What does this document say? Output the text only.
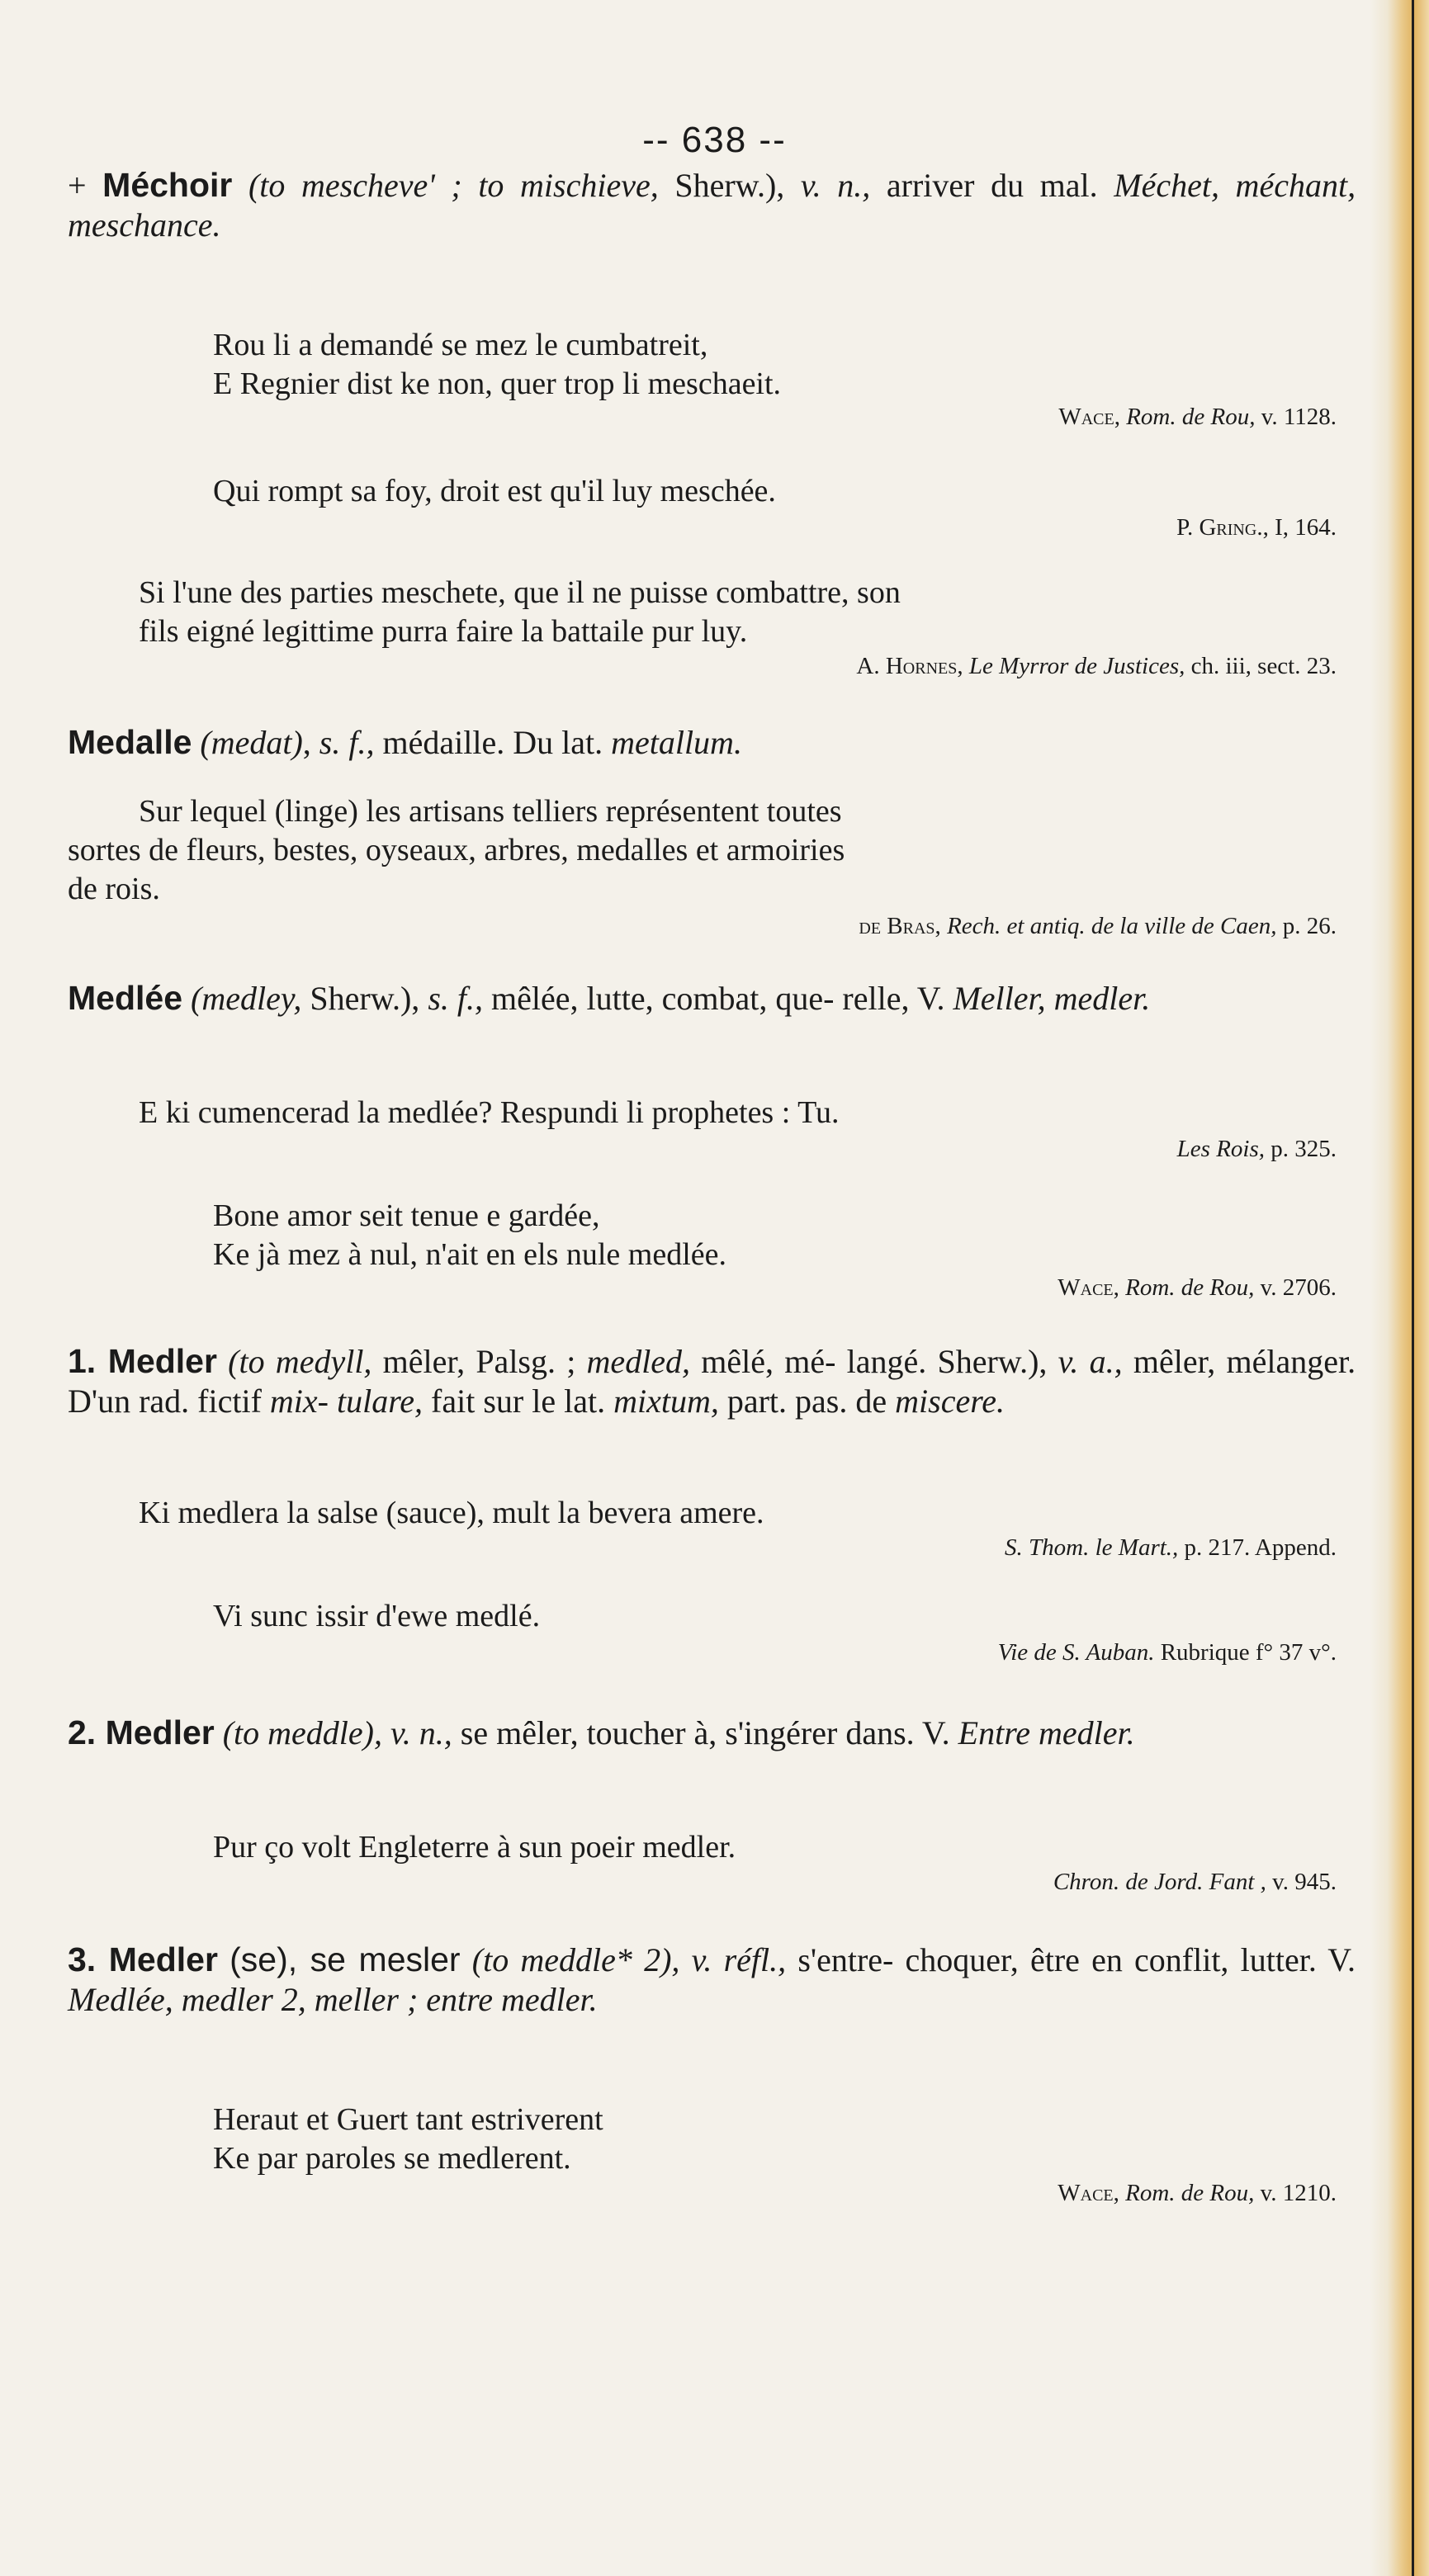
-- 638 --
+ Méchoir (to mescheve' ; to mischieve, Sherw.), v. n., arriver du mal. Méchet, méchant, meschance.
Rou li a demandé se mez le cumbatreit,
E Regnier dist ke non, quer trop li meschaeit.
Wace, Rom. de Rou, v. 1128.
Qui rompt sa foy, droit est qu'il luy meschée.
P. Gring., I, 164.
Si l'une des parties meschete, que il ne puisse combattre, son
fils eigné legittime purra faire la battaile pur luy.
A. Hornes, Le Myrror de Justices, ch. iii, sect. 23.
Medalle (medat), s. f., médaille. Du lat. metallum.
Sur lequel (linge) les artisans telliers représentent toutes
sortes de fleurs, bestes, oyseaux, arbres, medalles et armoiries
de rois.
de Bras, Rech. et antiq. de la ville de Caen, p. 26.
Medlée (medley, Sherw.), s. f., mêlée, lutte, combat, que- relle, V. Meller, medler.
E ki cumencerad la medlée? Respundi li prophetes : Tu.
Les Rois, p. 325.
Bone amor seit tenue e gardée,
Ke jà mez à nul, n'ait en els nule medlée.
Wace, Rom. de Rou, v. 2706.
1. Medler (to medyll, mêler, Palsg. ; medled, mêlé, mé- langé. Sherw.), v. a., mêler, mélanger. D'un rad. fictif mix- tulare, fait sur le lat. mixtum, part. pas. de miscere.
Ki medlera la salse (sauce), mult la bevera amere.
S. Thom. le Mart., p. 217. Append.
Vi sunc issir d'ewe medlé.
Vie de S. Auban. Rubrique f° 37 v°.
2. Medler (to meddle), v. n., se mêler, toucher à, s'ingérer dans. V. Entre medler.
Pur ço volt Engleterre à sun poeir medler.
Chron. de Jord. Fant , v. 945.
3. Medler (se), se mesler (to meddle* 2), v. réfl., s'entre- choquer, être en conflit, lutter. V. Medlée, medler 2, meller ; entre medler.
Heraut et Guert tant estriverent
Ke par paroles se medlerent.
Wace, Rom. de Rou, v. 1210.
